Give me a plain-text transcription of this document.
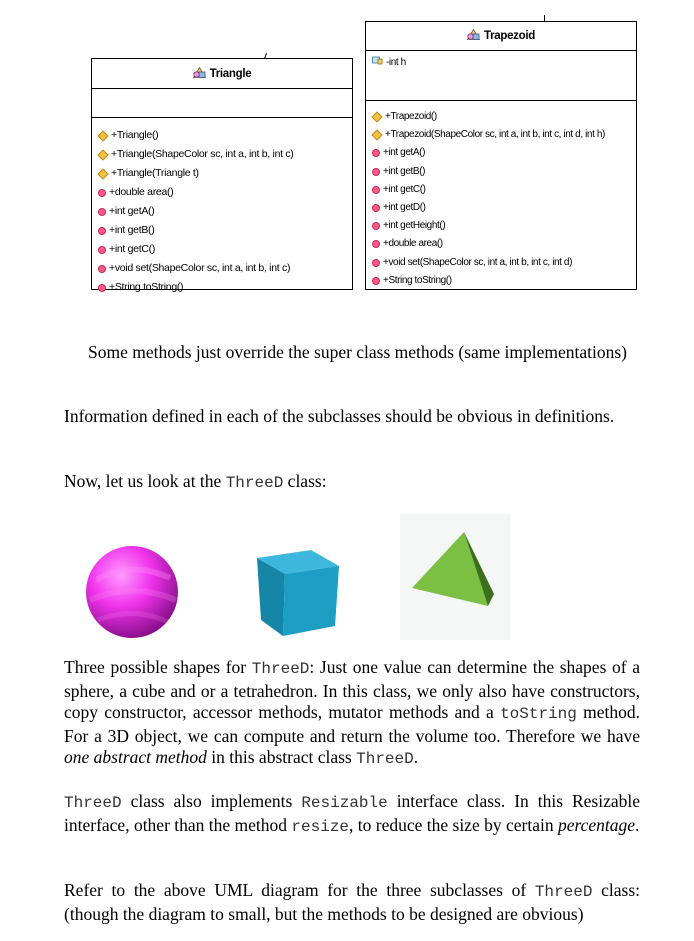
Triangle
+Triangle()
+Triangle(ShapeColor sc, int a, int b, int c)
+Triangle(Triangle t)
+double area()
+int getA()
+int getB()
+int getC()
+void set(ShapeColor sc, int a, int b, int c)
+String toString()
Trapezoid
-int h
+Trapezoid()
+Trapezoid(ShapeColor sc, int a, int b, int c, int d, int h)
+int getA()
+int getB()
+int getC()
+int getD()
+int getHeight()
+double area()
+void set(ShapeColor sc, int a, int b, int c, int d)
+String toString()

Some methods just override the super class methods (same implementations)

Information defined in each of the subclasses should be obvious in definitions.

Now, let us look at the ThreeD class:

Three possible shapes for ThreeD: Just one value can determine the shapes of a sphere, a cube and or a tetrahedron. In this class, we only also have constructors, copy constructor, accessor methods, mutator methods and a toString method. For a 3D object, we can compute and return the volume too. Therefore we have one abstract method in this abstract class ThreeD.

ThreeD class also implements Resizable interface class. In this Resizable interface, other than the method resize, to reduce the size by certain percentage.

Refer to the above UML diagram for the three subclasses of ThreeD class: (though the diagram to small, but the methods to be designed are obvious)
